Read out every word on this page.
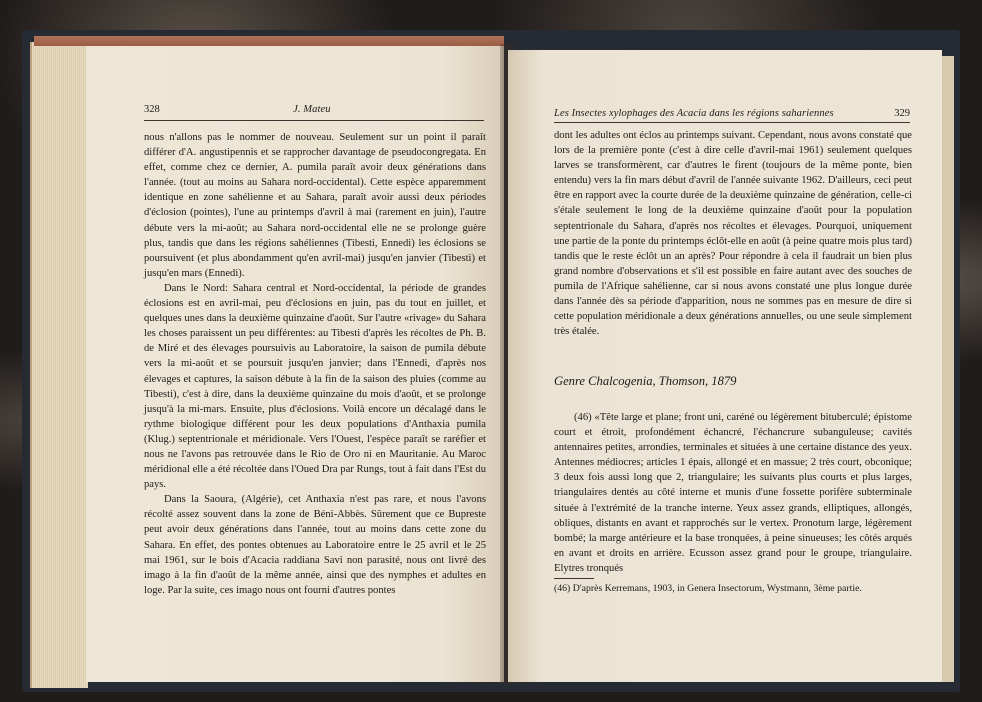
328	J. Mateu

nous n'allons pas le nommer de nouveau. Seulement sur un point il paraît différer d'A. angustipennis et se rapprocher davantage de pseudocongregata. En effet, comme chez ce dernier, A. pumila paraît avoir deux générations dans l'année. (tout au moins au Sahara nord-occidental). Cette espèce apparemment identique en zone sahélienne et au Sahara, paraît avoir aussi deux périodes d'éclosion (pointes), l'une au printemps d'avril à mai (rarement en juin), l'autre débute vers la mi-août; au Sahara nord-occidental elle ne se prolonge guère plus, tandis que dans les régions sahéliennes (Tibesti, Ennedi) les éclosions se poursuivent (et plus abondamment qu'en avril-mai) jusqu'en janvier (Tibesti) et jusqu'en mars (Ennedi).

Dans le Nord: Sahara central et Nord-occidental, la période de grandes éclosions est en avril-mai, peu d'éclosions en juin, pas du tout en juillet, et quelques unes dans la deuxième quinzaine d'août. Sur l'autre «rivage» du Sahara les choses paraissent un peu différentes: au Tibesti d'après les récoltes de Ph. B. de Miré et des élevages poursuivis au Laboratoire, la saison de pumila débute vers la mi-août et se poursuit jusqu'en janvier; dans l'Ennedi, d'après nos élevages et captures, la saison débute à la fin de la saison des pluies (comme au Tibesti), c'est à dire, dans la deuxième quinzaine du mois d'août, et se prolonge jusqu'à la mi-mars. Ensuite, plus d'éclosions. Voilà encore un décalagé dans le rythme biologique différent pour les deux populations d'Anthaxia pumila (Klug.) septentrionale et méridionale. Vers l'Ouest, l'espèce paraît se raréfier et nous ne l'avons pas retrouvée dans le Rio de Oro ni en Mauritanie. Au Maroc méridional elle a été récoltée dans l'Oued Dra par Rungs, tout à fait dans l'Est du pays.

Dans la Saoura, (Algérie), cet Anthaxia n'est pas rare, et nous l'avons récolté assez souvent dans la zone de Béni-Abbès. Sûrement que ce Bupreste peut avoir deux générations dans l'année, tout au moins dans cette zone du Sahara. En effet, des pontes obtenues au Laboratoire entre le 25 avril et le 25 mai 1961, sur le bois d'Acacia raddiana Savi non parasité, nous ont livré des imago à la fin d'août de la même année, ainsi que des nymphes et adultes en loge. Par la suite, ces imago nous ont fourni d'autres pontes

Les Insectes xylophages des Acacia dans les régions sahariennes	329

dont les adultes ont éclos au printemps suivant. Cependant, nous avons constaté que lors de la première ponte (c'est à dire celle d'avril-mai 1961) seulement quelques larves se transformèrent, car d'autres le firent (toujours de la même ponte, bien entendu) vers la fin mars début d'avril de l'année suivante 1962. D'ailleurs, ceci peut être en rapport avec la courte durée de la deuxième quinzaine de génération, celle-ci s'étale seulement le long de la deuxième quinzaine d'août pour la population septentrionale du Sahara, d'après nos récoltes et élevages. Pourquoi, uniquement une partie de la ponte du printemps éclôt-elle en août (à peine quatre mois plus tard) tandis que le reste éclôt un an après? Pour répondre à cela il faudrait un bien plus grand nombre d'observations et s'il est possible en faire autant avec des souches de pumila de l'Afrique sahélienne, car si nous avons constaté une plus longue durée dans l'année dès sa période d'apparition, nous ne sommes pas en mesure de dire si cette population méridionale a deux générations annuelles, ou une seule simplement très étalée.

Genre Chalcogenia, Thomson, 1879

(46) «Tête large et plane; front uni, caréné ou légèrement bituberculé; épistome court et étroit, profondément échancré, l'échancrure subanguleuse; cavités antennaires petites, arrondies, terminales et situées à une certaine distance des yeux. Antennes médiocres; articles 1 épais, allongé et en massue; 2 très court, obconique; 3 deux fois aussi long que 2, triangulaire; les suivants plus courts et plus larges, triangulaires dentés au côté interne et munis d'une fossette porifère subterminale située à l'extrémité de la tranche interne. Yeux assez grands, elliptiques, allongés, obliques, distants en avant et rapprochés sur le vertex. Pronotum large, légèrement bombé; la marge antérieure et la base tronquées, à peine sinueuses; les côtés arqués en avant et droits en arrière. Ecusson assez grand pour le groupe, triangulaire. Elytres tronqués

(46) D'après Kerremans, 1903, in Genera Insectorum, Wystmann, 3ème partie.
